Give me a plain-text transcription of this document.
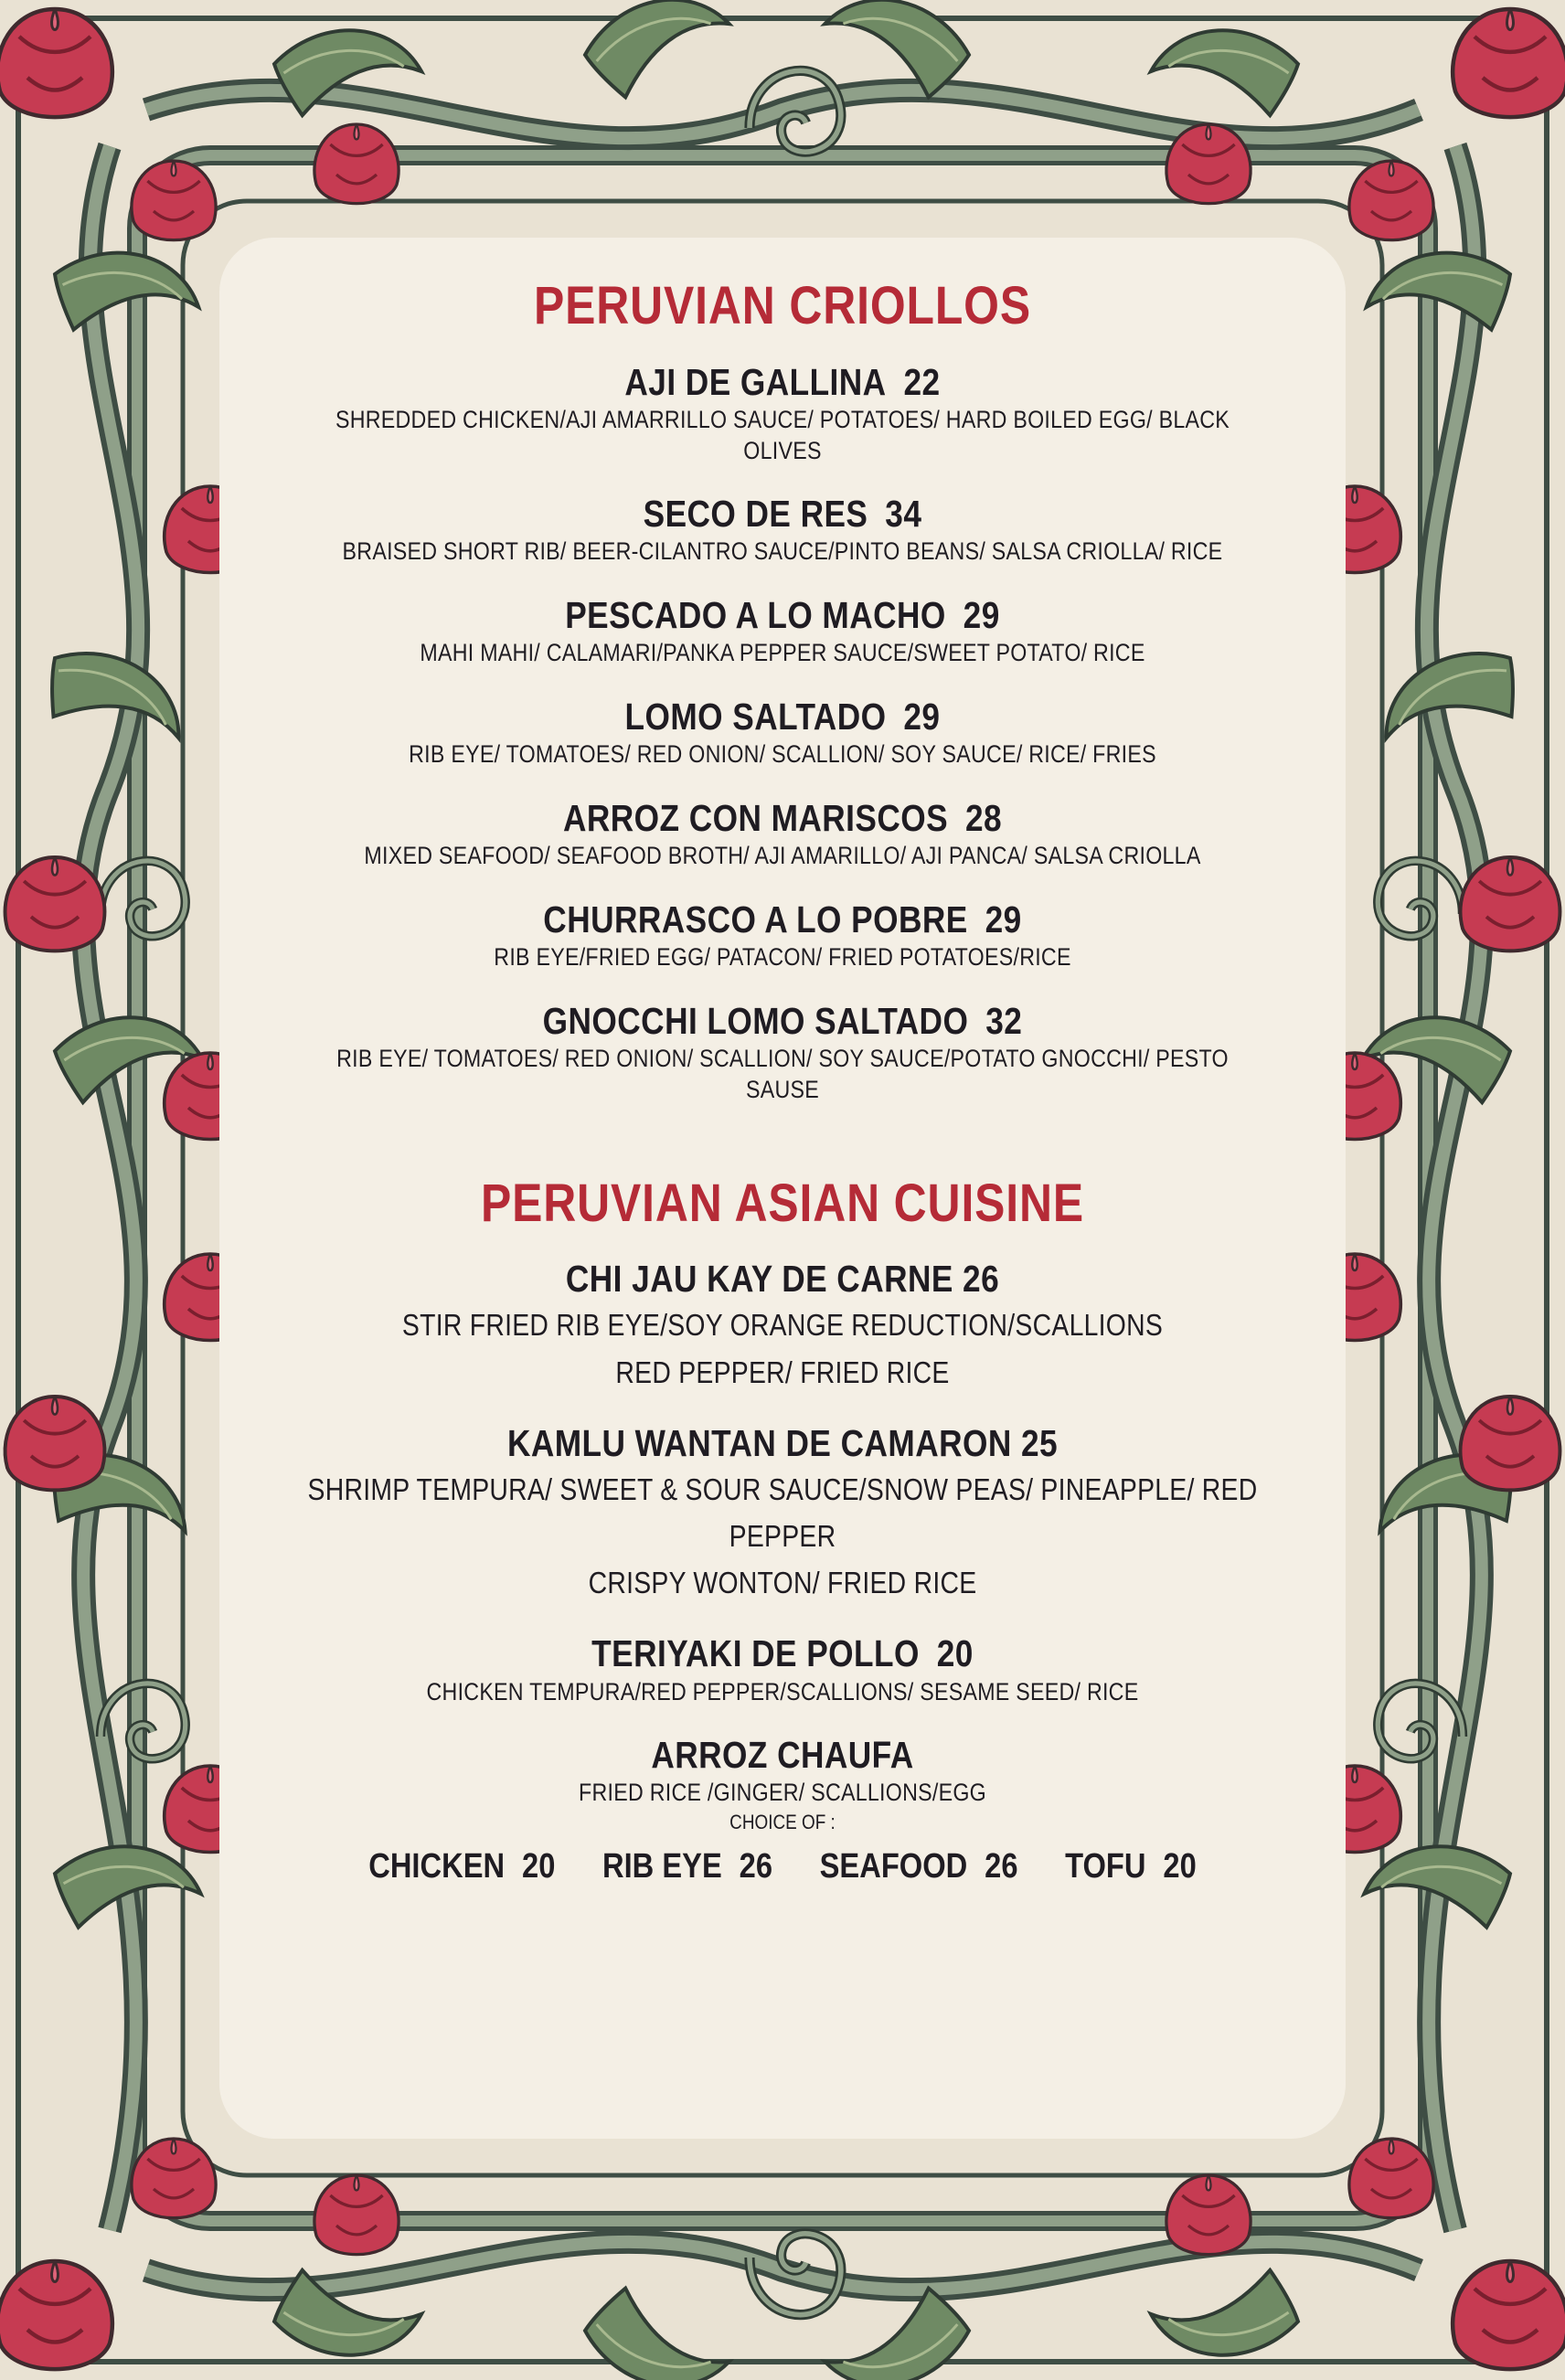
PERUVIAN CRIOLLOS

AJI DE GALLINA 22

SHREDDED CHICKEN/AJI AMARRILLO SAUCE/ POTATOES/ HARD BOILED EGG/ BLACK OLIVES

SECO DE RES 34

BRAISED SHORT RIB/ BEER-CILANTRO SAUCE/PINTO BEANS/ SALSA CRIOLLA/ RICE

PESCADO A LO MACHO 29

MAHI MAHI/ CALAMARI/PANKA PEPPER SAUCE/SWEET POTATO/ RICE

LOMO SALTADO 29

RIB EYE/ TOMATOES/ RED ONION/ SCALLION/ SOY SAUCE/ RICE/ FRIES

ARROZ CON MARISCOS 28

MIXED SEAFOOD/ SEAFOOD BROTH/ AJI AMARILLO/ AJI PANCA/ SALSA CRIOLLA

CHURRASCO A LO POBRE 29

RIB EYE/FRIED EGG/ PATACON/ FRIED POTATOES/RICE

GNOCCHI LOMO SALTADO 32

RIB EYE/ TOMATOES/ RED ONION/ SCALLION/ SOY SAUCE/POTATO GNOCCHI/ PESTO SAUSE

PERUVIAN ASIAN CUISINE

CHI JAU KAY DE CARNE 26

STIR FRIED RIB EYE/SOY ORANGE REDUCTION/SCALLIONS
RED PEPPER/ FRIED RICE

KAMLU WANTAN DE CAMARON 25

SHRIMP TEMPURA/ SWEET & SOUR SAUCE/SNOW PEAS/ PINEAPPLE/ RED PEPPER
CRISPY WONTON/ FRIED RICE

TERIYAKI DE POLLO 20

CHICKEN TEMPURA/RED PEPPER/SCALLIONS/ SESAME SEED/ RICE

ARROZ CHAUFA

FRIED RICE /GINGER/ SCALLIONS/EGG

CHOICE OF :

CHICKEN 20 RIB EYE 26 SEAFOOD 26 TOFU 20
